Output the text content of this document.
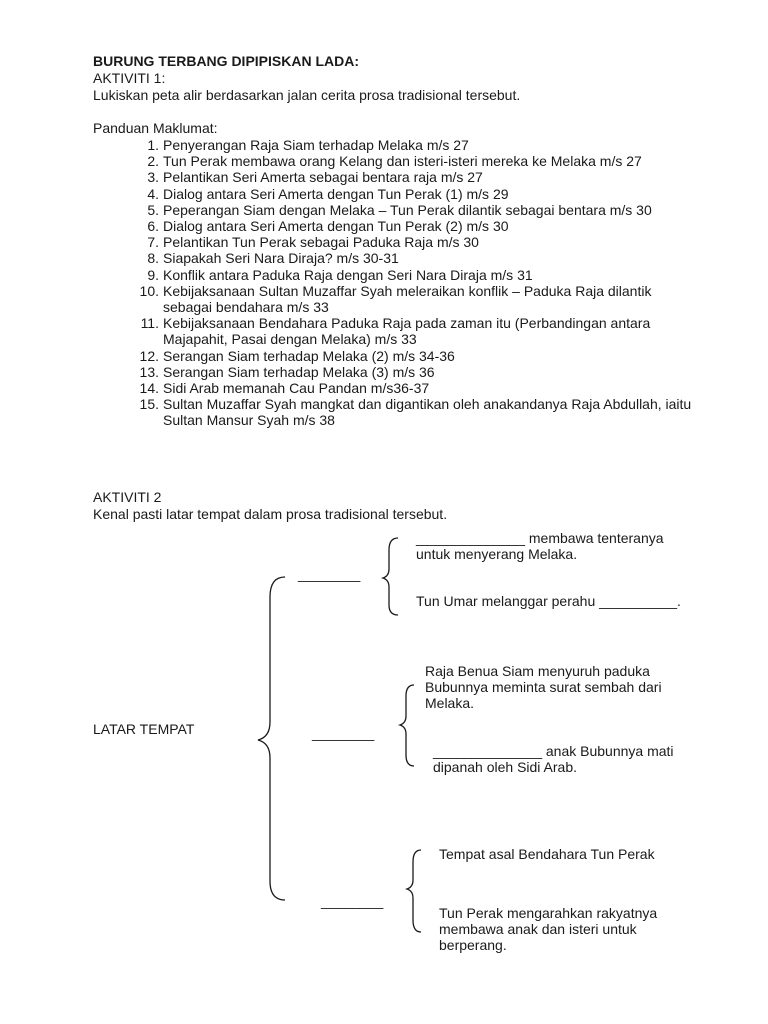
BURUNG TERBANG DIPIPISKAN LADA:
AKTIVITI 1:
Lukiskan peta alir berdasarkan jalan cerita prosa tradisional tersebut.
Panduan Maklumat:
1. Penyerangan Raja Siam terhadap Melaka m/s 27
2. Tun Perak membawa orang Kelang dan isteri-isteri mereka ke Melaka m/s 27
3. Pelantikan Seri Amerta sebagai bentara raja m/s 27
4. Dialog antara Seri Amerta dengan Tun Perak (1) m/s 29
5. Peperangan Siam dengan Melaka – Tun Perak dilantik sebagai bentara m/s 30
6. Dialog antara Seri Amerta dengan Tun Perak (2) m/s 30
7. Pelantikan Tun Perak sebagai Paduka Raja m/s 30
8. Siapakah Seri Nara Diraja? m/s 30-31
9. Konflik antara Paduka Raja dengan Seri Nara Diraja m/s 31
10. Kebijaksanaan Sultan Muzaffar Syah meleraikan konflik – Paduka Raja dilantik sebagai bendahara m/s 33
11. Kebijaksanaan Bendahara Paduka Raja pada zaman itu (Perbandingan antara Majapahit, Pasai dengan Melaka) m/s 33
12. Serangan Siam terhadap Melaka (2) m/s 34-36
13. Serangan Siam terhadap Melaka (3) m/s 36
14. Sidi Arab memanah Cau Pandan m/s36-37
15. Sultan Muzaffar Syah mangkat dan digantikan oleh anakandanya Raja Abdullah, iaitu Sultan Mansur Syah m/s 38
AKTIVITI 2
Kenal pasti latar tempat dalam prosa tradisional tersebut.
LATAR TEMPAT
________
________
________
______________ membawa tenteranya
untuk menyerang Melaka.
Tun Umar melanggar perahu __________.
Raja Benua Siam menyuruh paduka
Bubunnya meminta surat sembah dari
Melaka.
______________ anak Bubunnya mati
dipanah oleh Sidi Arab.
Tempat asal Bendahara Tun Perak
Tun Perak mengarahkan rakyatnya
membawa anak dan isteri untuk
berperang.
